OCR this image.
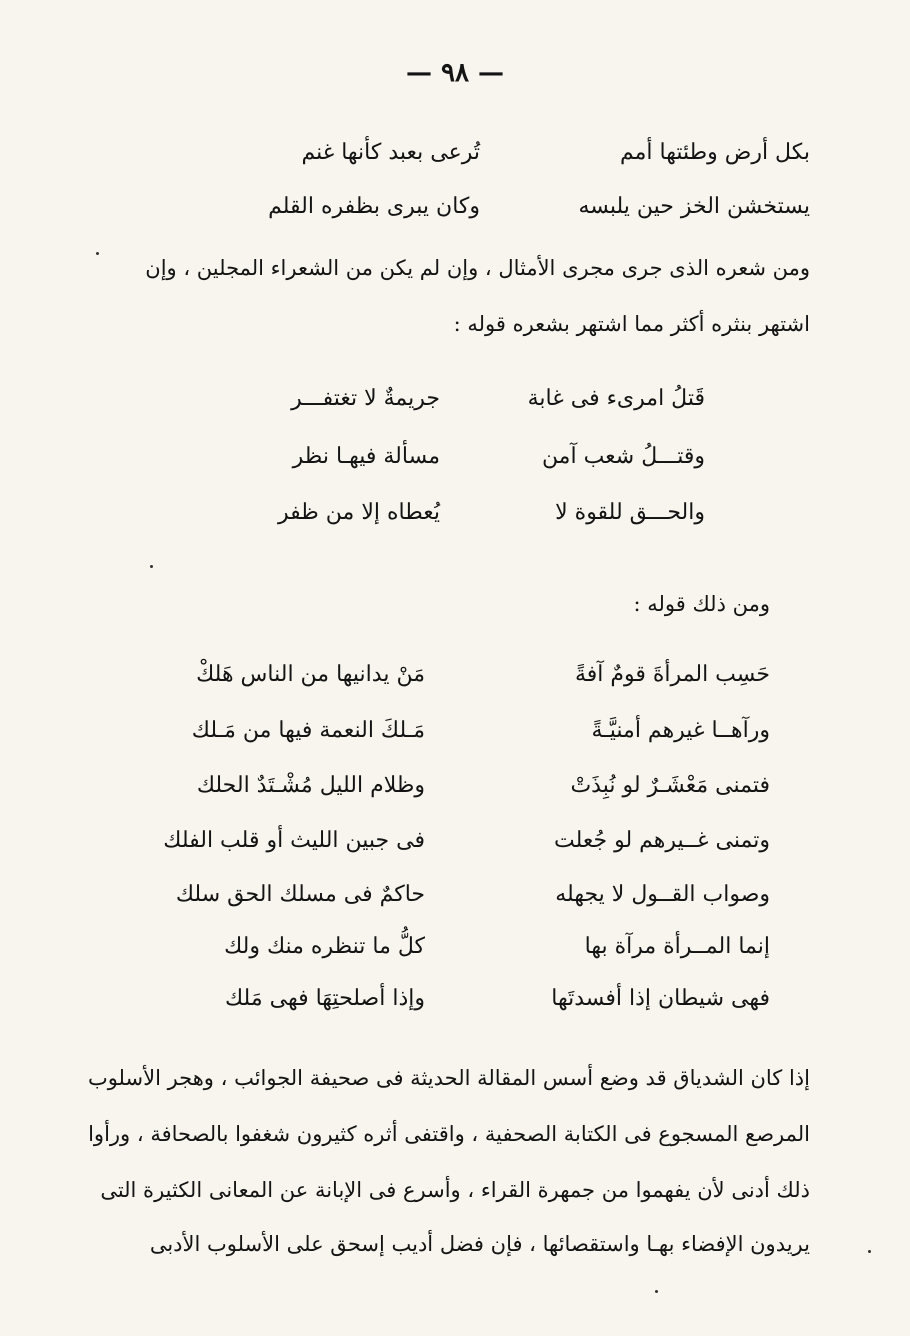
— ٩٨ —
بكل أرض وطئتها أمم
تُرعى بعبد كأنها غنم
يستخشن الخز حين يلبسه
وكان يبرى بظفره القلم
ومن شعره الذى جرى مجرى الأمثال ، وإن لم يكن من الشعراء المجلين ، وإن
اشتهر بنثره أكثر مما اشتهر بشعره قوله :
قَتلُ امرىء فى غابة
جريمةٌ لا تغتفـــر
وقتـــلُ شعب آمن
مسألة فيهـا نظر
والحـــق للقوة لا
يُعطاه إلا من ظفر
ومن ذلك قوله :
حَسِب المرأةَ قومٌ آفةً
مَنْ يدانيها من الناس هَلكْ
ورآهــا غيرهم أمنيَّـةً
مَـلكَ النعمة فيها من مَـلك
فتمنى مَعْشَـرٌ لو نُبِذَتْ
وظلام الليل مُشْـتَدٌ الحلك
وتمنى غــيرهم لو جُعلت
فى جبين الليث أو قلب الفلك
وصواب القــول لا يجهله
حاكمٌ فى مسلك الحق سلك
إنما المــرأة مرآة بها
كلُّ ما تنظره منك ولك
فهى شيطان إذا أفسدتَها
وإذا أصلحتِهَا فهى مَلك
إذا كان الشدياق قد وضع أسس المقالة الحديثة فى صحيفة الجوائب ، وهجر الأسلوب
المرصع المسجوع فى الكتابة الصحفية ، واقتفى أثره كثيرون شغفوا بالصحافة ، ورأوا
ذلك أدنى لأن يفهموا من جمهرة القراء ، وأسرع فى الإبانة عن المعانى الكثيرة التى
يريدون الإفضاء بهـا واستقصائها ، فإن فضل أديب إسحق على الأسلوب الأدبى
